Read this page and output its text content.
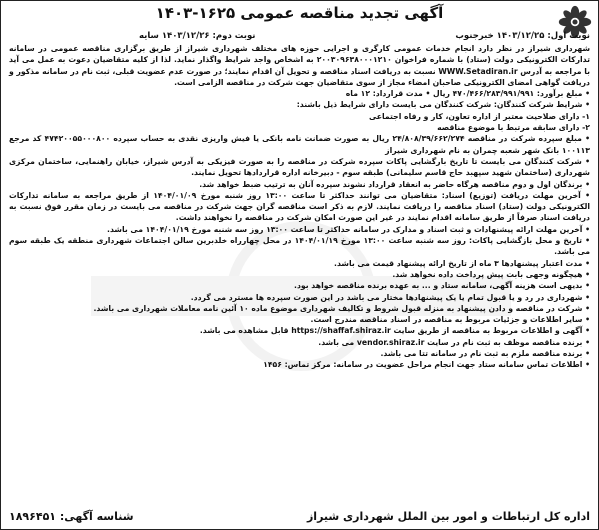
آگهی تجدید مناقصه عمومی ۱۶۲۵-۱۴۰۳
نوبت اول: ۱۴۰۳/۱۲/۲۵ خبرجنوب
نوبت دوم: ۱۴۰۳/۱۲/۲۶ سایه

شهرداری شیراز در نظر دارد انجام خدمات عمومی کارگری و اجرایی حوزه های مختلف شهرداری شیراز از طریق برگزاری مناقصه عمومی در سامانه تدارکات الکترونیکی دولت (ستاد) با شماره فراخوان ۲۰۰۳۰۹۶۳۸۰۰۰۱۲۱۰ به اشخاص واجد شرایط واگذار نماید. لذا از کلیه متقاضیان دعوت به عمل می آید با مراجعه به آدرس WWW.Setadiran.ir نسبت به دریافت اسناد مناقصه و تحویل آن اقدام نمایند؛ در صورت عدم عضویت قبلی، ثبت نام در سامانه مذکور و دریافت گواهی امضای الکترونیکی صاحبان امضاء مجاز از سوی متقاضیان جهت شرکت در مناقصه الزامی است.

• مبلغ برآورد: ۴۷۰/۴۶۶/۲۸۳/۹۹۱/۹۹۱ ریال • مدت قرارداد: ۱۲ ماه

• شرایط شرکت کنندگان: شرکت کنندگان می بایست دارای شرایط ذیل باشند:

۱- دارای صلاحیت معتبر از اداره تعاون، کار و رفاه اجتماعی

۲- دارای سابقه مرتبط با موضوع مناقصه

• مبلغ سپرده شرکت در مناقصه ۲۴/۸۰۸/۳۹/۶۶۲/۲۷۴ ریال به صورت ضمانت نامه بانکی یا فیش واریزی نقدی به حساب سپرده ۴۷۴۲۰۰۵۵۰۰۰۸۰۰ کد مرجع ۱۰۰۱۱۳ بانک شهر شعبه چمران به نام شهرداری شیراز

• شرکت کنندگان می بایست تا تاریخ بارگشایی پاکات سپرده شرکت در مناقصه را به صورت فیزیکی به آدرس شیراز، خیابان راهنمایی، ساختمان مرکزی شهرداری (ساختمان شهید سپهبد حاج قاسم سلیمانی) طبقه سوم - دبیرخانه اداره قراردادها تحویل نمایند.

• برندگان اول و دوم مناقصه هرگاه حاضر به انعقاد قرارداد نشوند سپرده آنان به ترتیب ضبط خواهد شد.

• آخرین مهلت دریافت (توزیع) اسناد: متقاضیان می توانند حداکثر تا ساعت ۱۳:۰۰ روز شنبه مورخ ۱۴۰۴/۰۱/۰۹ از طریق مراجعه به سامانه تدارکات الکترونیکی دولت (ستاد) اسناد مناقصه را دریافت نمایند. لازم به ذکر است مناقصه گران جهت شرکت در مناقصه می بایست در زمان مقرر فوق نسبت به دریافت اسناد صرفاً از طریق سامانه اقدام نمایند در غیر این صورت امکان شرکت در مناقصه را نخواهند داشت.

• آخرین مهلت ارائه پیشنهادات و ثبت اسناد و مدارک در سامانه حداکثر تا ساعت ۱۳:۰۰ روز سه شنبه مورخ ۱۴۰۴/۰۱/۱۹ می باشد.

• تاریخ و محل بازگشایی پاکات: روز سه شنبه ساعت ۱۳:۰۰ مورخ ۱۴۰۴/۰۱/۱۹ در محل چهارراه خلدبرین سالن اجتماعات شهرداری منطقه یک طبقه سوم می باشد.

• مدت اعتبار پیشنهادها ۳ ماه از تاریخ ارائه پیشنهاد قیمت می باشد.

• هیچگونه وجهی بابت پیش پرداخت داده نخواهد شد.

• بدیهی است هزینه آگهی، سامانه ستاد و ... به عهده برنده مناقصه خواهد بود.

• شهرداری در رد و یا قبول تمام یا یک پیشنهادها مختار می باشد در این صورت سپرده ها مسترد می گردد.

• شرکت در مناقصه و دادن پیشنهاد به منزله قبول شروط و تکالیف شهرداری موضوع ماده ۱۰ آئین نامه معاملات شهرداری می باشد.

• سایر اطلاعات و جزئیات مربوط به مناقصه در اسناد مناقصه مندرج است.

• آگهی و اطلاعات مربوط به مناقصه از طریق سایت https://shaffaf.shiraz.ir قابل مشاهده می باشد.

• برنده مناقصه موظف به ثبت نام در سایت vendor.shiraz.ir می باشد.

• برنده مناقصه ملزم به ثبت نام در سامانه تتا می باشد.

• اطلاعات تماس سامانه ستاد جهت انجام مراحل عضویت در سامانه: مرکز تماس: ۱۴۵۶

شناسه آگهی: ۱۸۹۶۴۵۱	اداره کل ارتباطات و امور بین الملل شهرداری شیراز
